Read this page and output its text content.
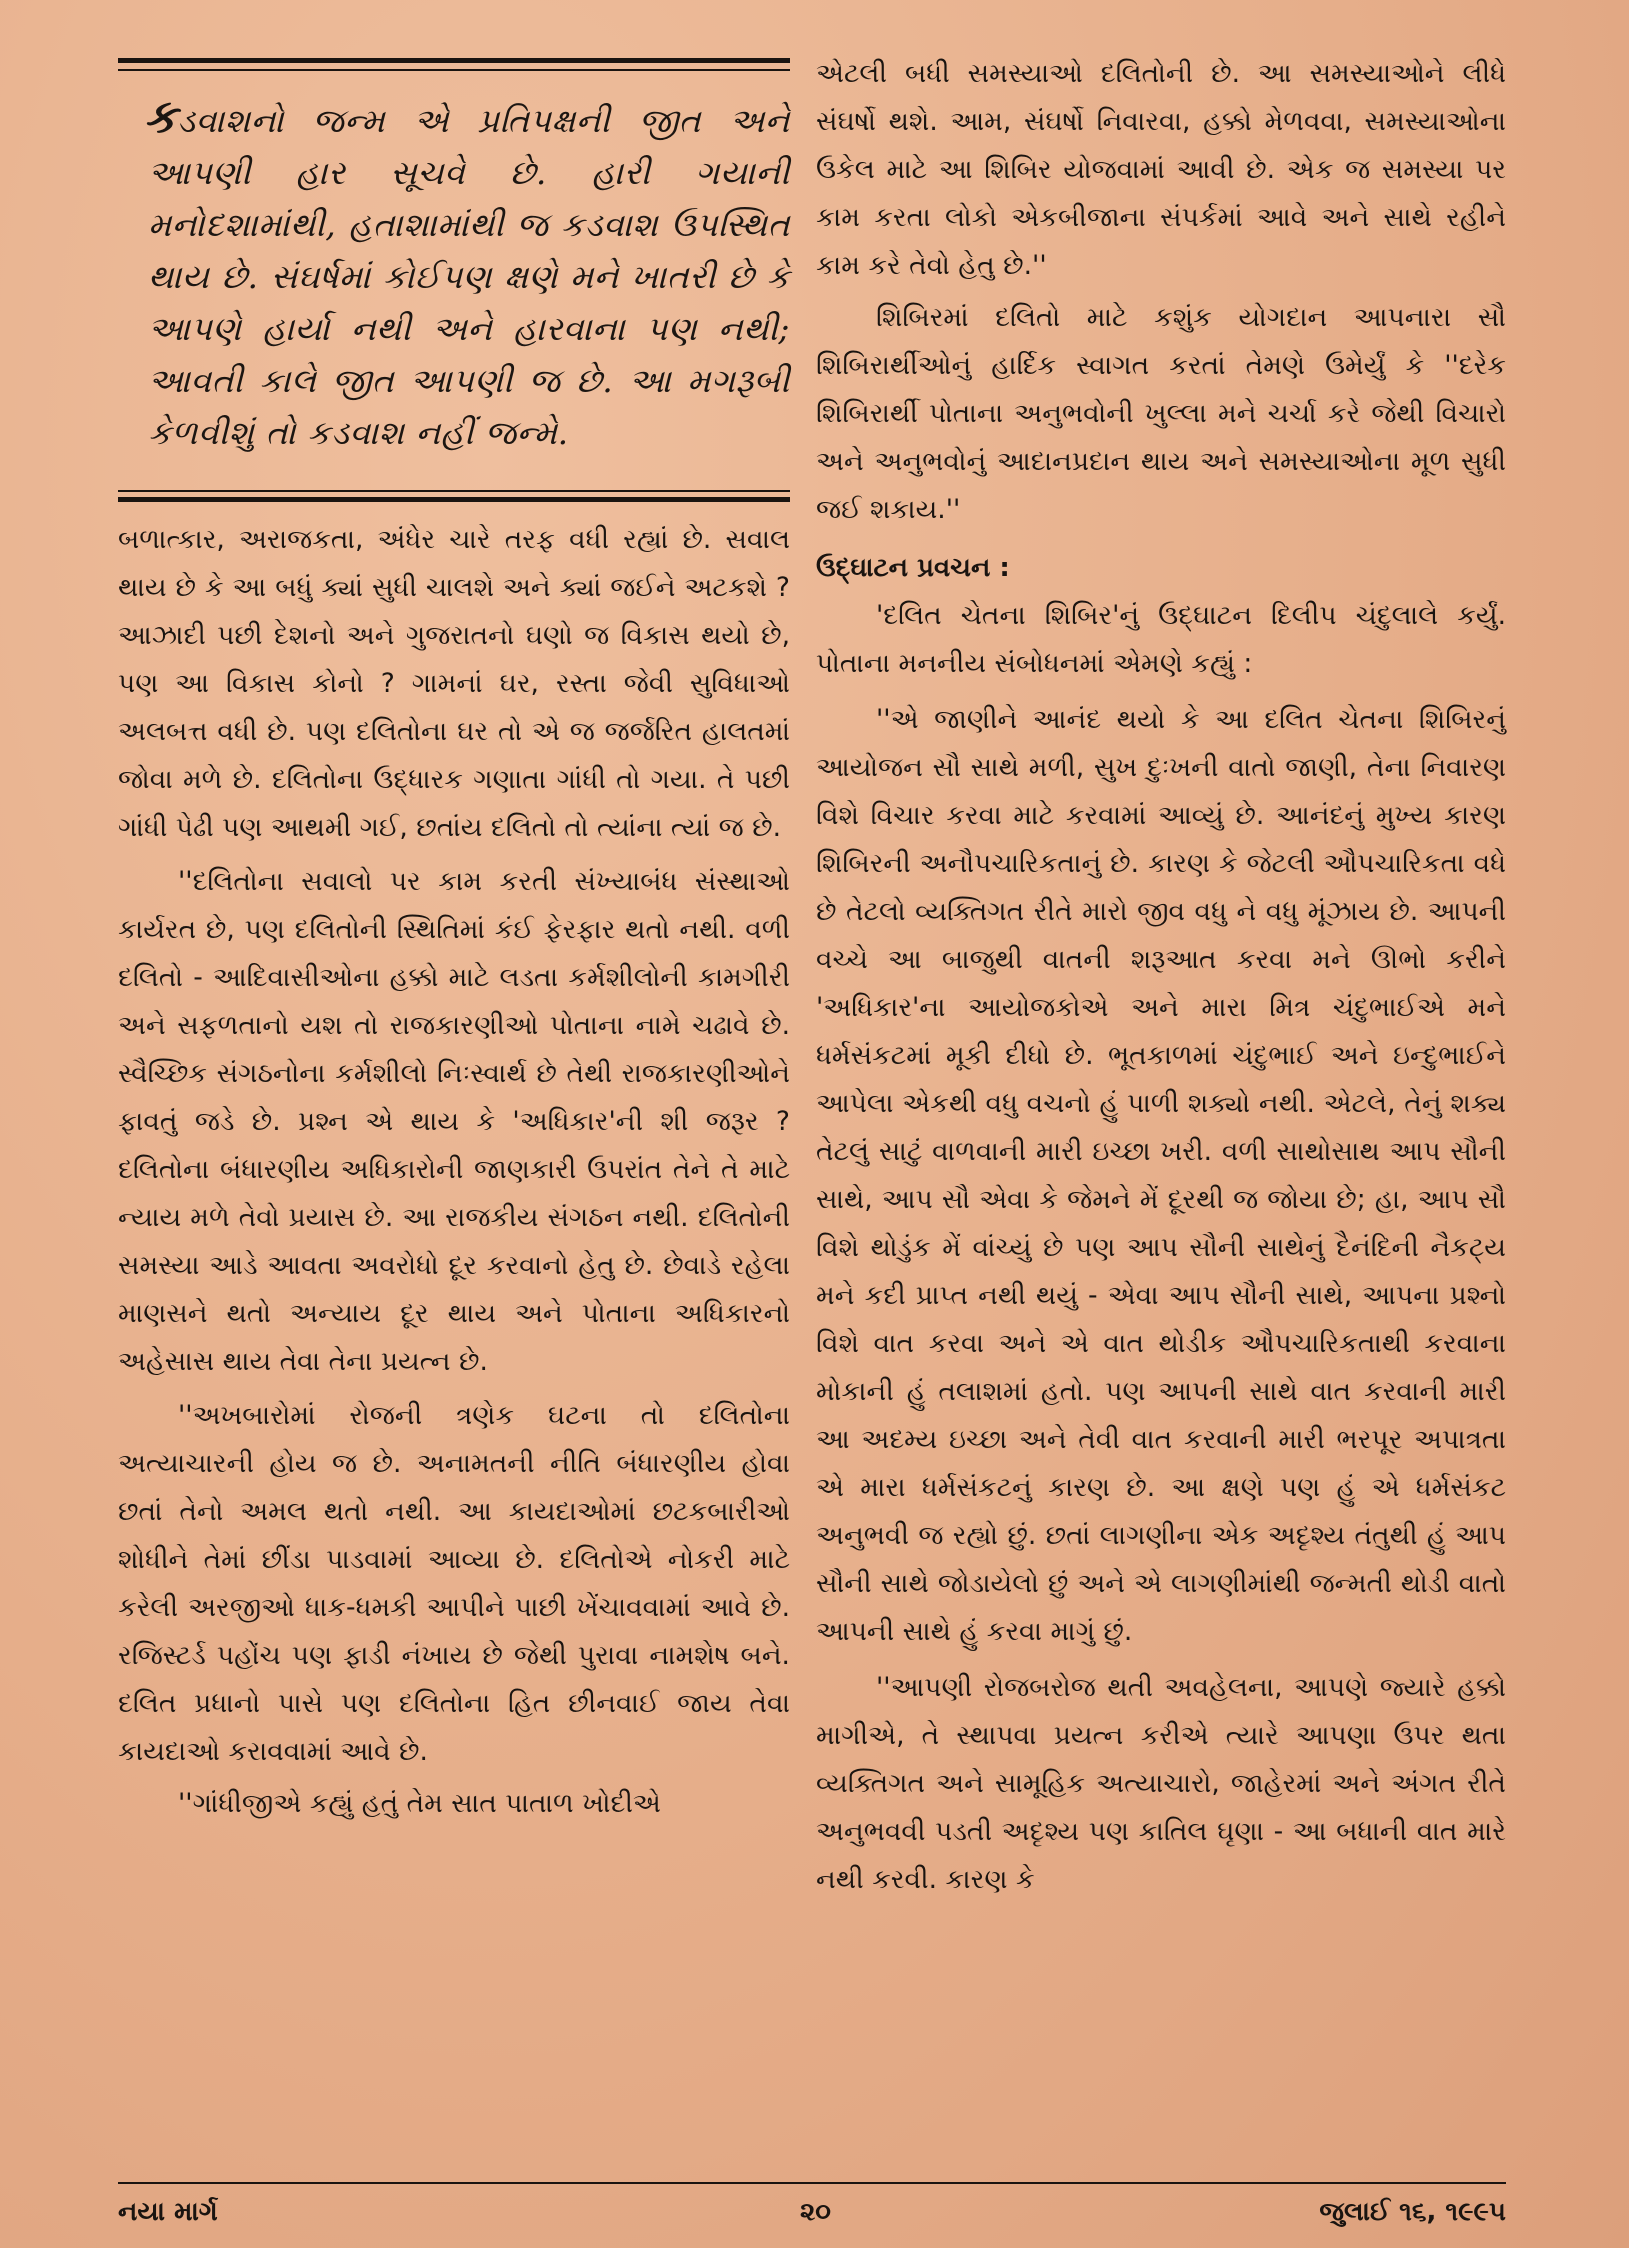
કડવાશનો જન્મ એ પ્રતિપક્ષની જીત અને આપણી હાર સૂચવે છે. હારી ગયાની મનોદશામાંથી, હતાશામાંથી જ કડવાશ ઉપસ્થિત થાય છે. સંઘર્ષમાં કોઈપણ ક્ષણે મને ખાતરી છે કે આપણે હાર્યા નથી અને હારવાના પણ નથી; આવતી કાલે જીત આપણી જ છે. આ મગરૂબી કેળવીશું તો કડવાશ નહીં જન્મે.

બળાત્કાર, અરાજકતા, અંધેર ચારે તરફ વધી રહ્યાં છે. સવાલ થાય છે કે આ બધું ક્યાં સુધી ચાલશે અને ક્યાં જઈને અટકશે ? આઝાદી પછી દેશનો અને ગુજરાતનો ઘણો જ વિકાસ થયો છે, પણ આ વિકાસ કોનો ? ગામનાં ઘર, રસ્તા જેવી સુવિધાઓ અલબત્ત વધી છે. પણ દલિતોના ઘર તો એ જ જર્જરિત હાલતમાં જોવા મળે છે. દલિતોના ઉદ્ધારક ગણાતા ગાંધી તો ગયા. તે પછી ગાંધી પેઢી પણ આથમી ગઈ, છતાંય દલિતો તો ત્યાંના ત્યાં જ છે.

''દલિતોના સવાલો પર કામ કરતી સંખ્યાબંધ સંસ્થાઓ કાર્યરત છે, પણ દલિતોની સ્થિતિમાં કંઈ ફેરફાર થતો નથી. વળી દલિતો - આદિવાસીઓના હક્કો માટે લડતા કર્મશીલોની કામગીરી અને સફળતાનો યશ તો રાજકારણીઓ પોતાના નામે ચઢાવે છે. સ્વૈચ્છિક સંગઠનોના કર્મશીલો નિઃસ્વાર્થ છે તેથી રાજકારણીઓને ફાવતું જડે છે. પ્રશ્ન એ થાય કે 'અધિકાર'ની શી જરૂર ? દલિતોના બંધારણીય અધિકારોની જાણકારી ઉપરાંત તેને તે માટે ન્યાય મળે તેવો પ્રયાસ છે. આ રાજકીય સંગઠન નથી. દલિતોની સમસ્યા આડે આવતા અવરોધો દૂર કરવાનો હેતુ છે. છેવાડે રહેલા માણસને થતો અન્યાય દૂર થાય અને પોતાના અધિકારનો અહેસાસ થાય તેવા તેના પ્રયત્ન છે.

''અખબારોમાં રોજની ત્રણેક ઘટના તો દલિતોના અત્યાચારની હોય જ છે. અનામતની નીતિ બંધારણીય હોવા છતાં તેનો અમલ થતો નથી. આ કાયદાઓમાં છટકબારીઓ શોધીને તેમાં છીંડા પાડવામાં આવ્યા છે. દલિતોએ નોકરી માટે કરેલી અરજીઓ ધાક-ધમકી આપીને પાછી ખેંચાવવામાં આવે છે. રજિસ્ટર્ડ પહોંચ પણ ફાડી નંખાય છે જેથી પુરાવા નામશેષ બને. દલિત પ્રધાનો પાસે પણ દલિતોના હિત છીનવાઈ જાય તેવા કાયદાઓ કરાવવામાં આવે છે.

''ગાંધીજીએ કહ્યું હતું તેમ સાત પાતાળ ખોદીએ

એટલી બધી સમસ્યાઓ દલિતોની છે. આ સમસ્યાઓને લીધે સંઘર્ષો થશે. આમ, સંઘર્ષો નિવારવા, હક્કો મેળવવા, સમસ્યાઓના ઉકેલ માટે આ શિબિર યોજવામાં આવી છે. એક જ સમસ્યા પર કામ કરતા લોકો એકબીજાના સંપર્કમાં આવે અને સાથે રહીને કામ કરે તેવો હેતુ છે.''

શિબિરમાં દલિતો માટે કશુંક યોગદાન આપનારા સૌ શિબિરાર્થીઓનું હાર્દિક સ્વાગત કરતાં તેમણે ઉમેર્યું કે ''દરેક શિબિરાર્થી પોતાના અનુભવોની ખુલ્લા મને ચર્ચા કરે જેથી વિચારો અને અનુભવોનું આદાનપ્રદાન થાય અને સમસ્યાઓના મૂળ સુધી જઈ શકાય.''

ઉદ્ઘાટન પ્રવચન :

'દલિત ચેતના શિબિર'નું ઉદ્ઘાટન દિલીપ ચંદુલાલે કર્યું. પોતાના મનનીય સંબોધનમાં એમણે કહ્યું :

''એ જાણીને આનંદ થયો કે આ દલિત ચેતના શિબિરનું આયોજન સૌ સાથે મળી, સુખ દુઃખની વાતો જાણી, તેના નિવારણ વિશે વિચાર કરવા માટે કરવામાં આવ્યું છે. આનંદનું મુખ્ય કારણ શિબિરની અનૌપચારિકતાનું છે. કારણ કે જેટલી ઔપચારિકતા વધે છે તેટલો વ્યક્તિગત રીતે મારો જીવ વધુ ને વધુ મૂંઝાય છે. આપની વચ્ચે આ બાજુથી વાતની શરૂઆત કરવા મને ઊભો કરીને 'અધિકાર'ના આયોજકોએ અને મારા મિત્ર ચંદુભાઈએ મને ધર્મસંકટમાં મૂકી દીધો છે. ભૂતકાળમાં ચંદુભાઈ અને ઇન્દુભાઈને આપેલા એકથી વધુ વચનો હું પાળી શક્યો નથી. એટલે, તેનું શક્ય તેટલું સાટું વાળવાની મારી ઇચ્છા ખરી. વળી સાથોસાથ આપ સૌની સાથે, આપ સૌ એવા કે જેમને મેં દૂરથી જ જોયા છે; હા, આપ સૌ વિશે થોડુંક મેં વાંચ્યું છે પણ આપ સૌની સાથેનું દૈનંદિની નૈકટ્ય મને કદી પ્રાપ્ત નથી થયું - એવા આપ સૌની સાથે, આપના પ્રશ્નો વિશે વાત કરવા અને એ વાત થોડીક ઔપચારિકતાથી કરવાના મોકાની હું તલાશમાં હતો. પણ આપની સાથે વાત કરવાની મારી આ અદમ્ય ઇચ્છા અને તેવી વાત કરવાની મારી ભરપૂર અપાત્રતા એ મારા ધર્મસંકટનું કારણ છે. આ ક્ષણે પણ હું એ ધર્મસંકટ અનુભવી જ રહ્યો છું. છતાં લાગણીના એક અદૃશ્ય તંતુથી હું આપ સૌની સાથે જોડાયેલો છું અને એ લાગણીમાંથી જન્મતી થોડી વાતો આપની સાથે હું કરવા માગું છું.

''આપણી રોજબરોજ થતી અવહેલના, આપણે જ્યારે હક્કો માગીએ, તે સ્થાપવા પ્રયત્ન કરીએ ત્યારે આપણા ઉપર થતા વ્યક્તિગત અને સામૂહિક અત્યાચારો, જાહેરમાં અને અંગત રીતે અનુભવવી પડતી અદૃશ્ય પણ કાતિલ ઘૃણા - આ બધાની વાત મારે નથી કરવી. કારણ કે

નયા માર્ગ	૨૦	જુલાઈ ૧૬, ૧૯૯૫
